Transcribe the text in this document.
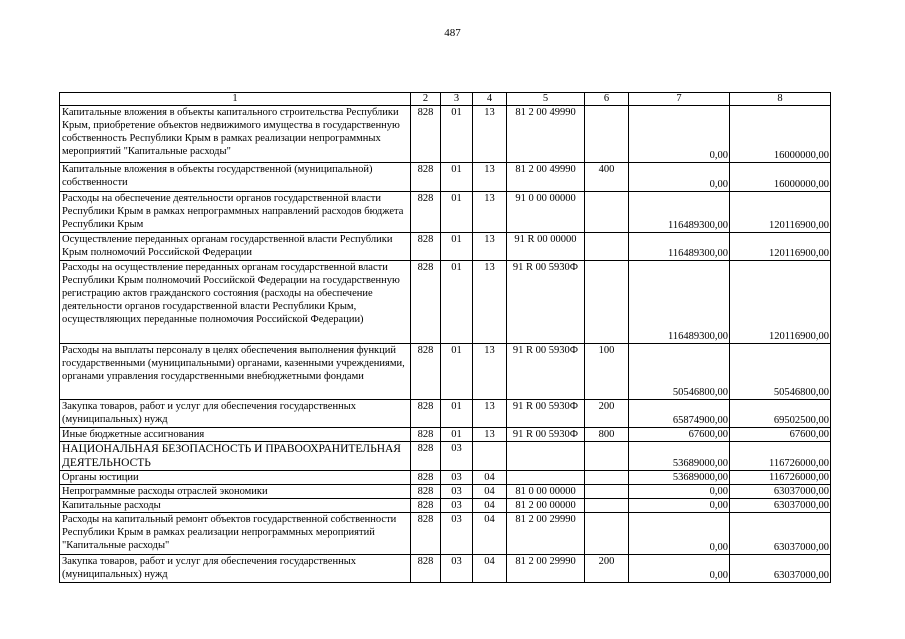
487
1	2	3	4	5	6	7	8
Капитальные вложения в объекты капитального строительства Республики Крым, приобретение объектов недвижимого имущества в государственную собственность Республики Крым в рамках реализации непрограммных мероприятий "Капитальные расходы"	828	01	13	81 2 00 49990		0,00	16000000,00
Капитальные вложения в объекты государственной (муниципальной) собственности	828	01	13	81 2 00 49990	400	0,00	16000000,00
Расходы на обеспечение деятельности органов государственной власти Республики Крым в рамках непрограммных направлений расходов бюджета Республики Крым	828	01	13	91 0 00 00000		116489300,00	120116900,00
Осуществление переданных органам государственной власти Республики Крым полномочий Российской Федерации	828	01	13	91 R 00 00000		116489300,00	120116900,00
Расходы на осуществление переданных органам государственной власти Республики Крым полномочий Российской Федерации на государственную регистрацию актов гражданского состояния (расходы на обеспечение деятельности органов государственной власти Республики Крым, осуществляющих переданные полномочия Российской Федерации)	828	01	13	91 R 00 5930Ф		116489300,00	120116900,00
Расходы на выплаты персоналу в целях обеспечения выполнения функций государственными (муниципальными) органами, казенными учреждениями, органами управления государственными внебюджетными фондами	828	01	13	91 R 00 5930Ф	100	50546800,00	50546800,00
Закупка товаров, работ и услуг для обеспечения государственных (муниципальных) нужд	828	01	13	91 R 00 5930Ф	200	65874900,00	69502500,00
Иные бюджетные ассигнования	828	01	13	91 R 00 5930Ф	800	67600,00	67600,00
НАЦИОНАЛЬНАЯ БЕЗОПАСНОСТЬ И ПРАВООХРАНИТЕЛЬНАЯ ДЕЯТЕЛЬНОСТЬ	828	03				53689000,00	116726000,00
Органы юстиции	828	03	04			53689000,00	116726000,00
Непрограммные расходы отраслей экономики	828	03	04	81 0 00 00000		0,00	63037000,00
Капитальные расходы	828	03	04	81 2 00 00000		0,00	63037000,00
Расходы на капитальный ремонт объектов государственной собственности Республики Крым в рамках реализации непрограммных мероприятий "Капитальные расходы"	828	03	04	81 2 00 29990		0,00	63037000,00
Закупка товаров, работ и услуг для обеспечения государственных (муниципальных) нужд	828	03	04	81 2 00 29990	200	0,00	63037000,00
